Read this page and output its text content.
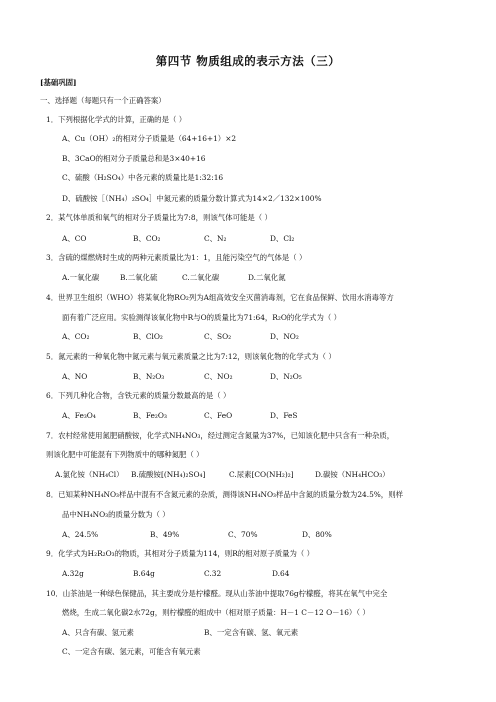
第四节 物质组成的表示方法（三）
[基础巩固]
一、选择题（每题只有一个正确答案）
1．下列根据化学式的计算，正确的是（ ）
A、Cu（OH）₂的相对分子质量是（64+16+1）×2
B、3CaO的相对分子质量总和是3×40+16
C、硫酸（H₂SO₄）中各元素的质量比是1:32:16
D、硫酸铵［（NH₄）₂SO₄］中氮元素的质量分数计算式为14×2／132×100%
2．某气体单质和氧气的相对分子质量比为7:8，则该气体可能是（ ）
A、CO	B、CO₂	C、N₂	D、Cl₂
3．含硫的煤燃烧时生成的两种元素质量比为1：1，且能污染空气的气体是（ ）
A.一氧化碳	B.二氧化硫	C.二氧化碳	D.二氧化氮
4．世界卫生组织（WHO）将某氧化物RO₂列为A组高效安全灭菌消毒剂，它在食品保鲜、饮用水消毒等方
面有着广泛应用。实验测得该氧化物中R与O的质量比为71:64，R₂O的化学式为（ ）
A、CO₂	B、ClO₂	C、SO₂	D、NO₂
5．氮元素的一种氧化物中氮元素与氧元素质量之比为7:12，则该氧化物的化学式为（ ）
A、NO	B、N₂O₃	C、NO₂	D、N₂O₅
6．下列几种化合物，含铁元素的质量分数最高的是（ ）
A、Fe₃O₄	B、Fe₂O₃	C、FeO	D、FeS
7．农村经常使用氮肥硝酸铵，化学式NH₄NO₃，经过测定含氮量为37%，已知该化肥中只含有一种杂质，
则该化肥中可能混有下列物质中的哪种氮肥（ ）
A.氯化铵（NH₄Cl） B.硫酸铵[(NH₄)₂SO₄]	C.尿素[CO(NH₂)₂]	D.碳铵（NH₄HCO₃）
8．已知某种NH₄NO₃样品中混有不含氮元素的杂质，测得该NH₄NO₃样品中含氮的质量分数为24.5%，则样
品中NH₄NO₃的质量分数为（ ）
A、24.5%	B、49%	C、70%	D、80%
9．化学式为H₂R₂O₃的物质，其相对分子质量为114，则R的相对原子质量为（ ）
A.32g	B.64g	C.32	D.64
10．山茶油是一种绿色保健品，其主要成分是柠檬醛。现从山茶油中提取76g柠檬醛，将其在氧气中完全
燃烧，生成二氧化碳2水72g，则柠檬醛的组成中（相对原子质量：H－1 C－12 O－16）（ ）
A、只含有碳、氢元素	B、一定含有碳、氢、氧元素
C、一定含有碳、氢元素，可能含有氧元素
